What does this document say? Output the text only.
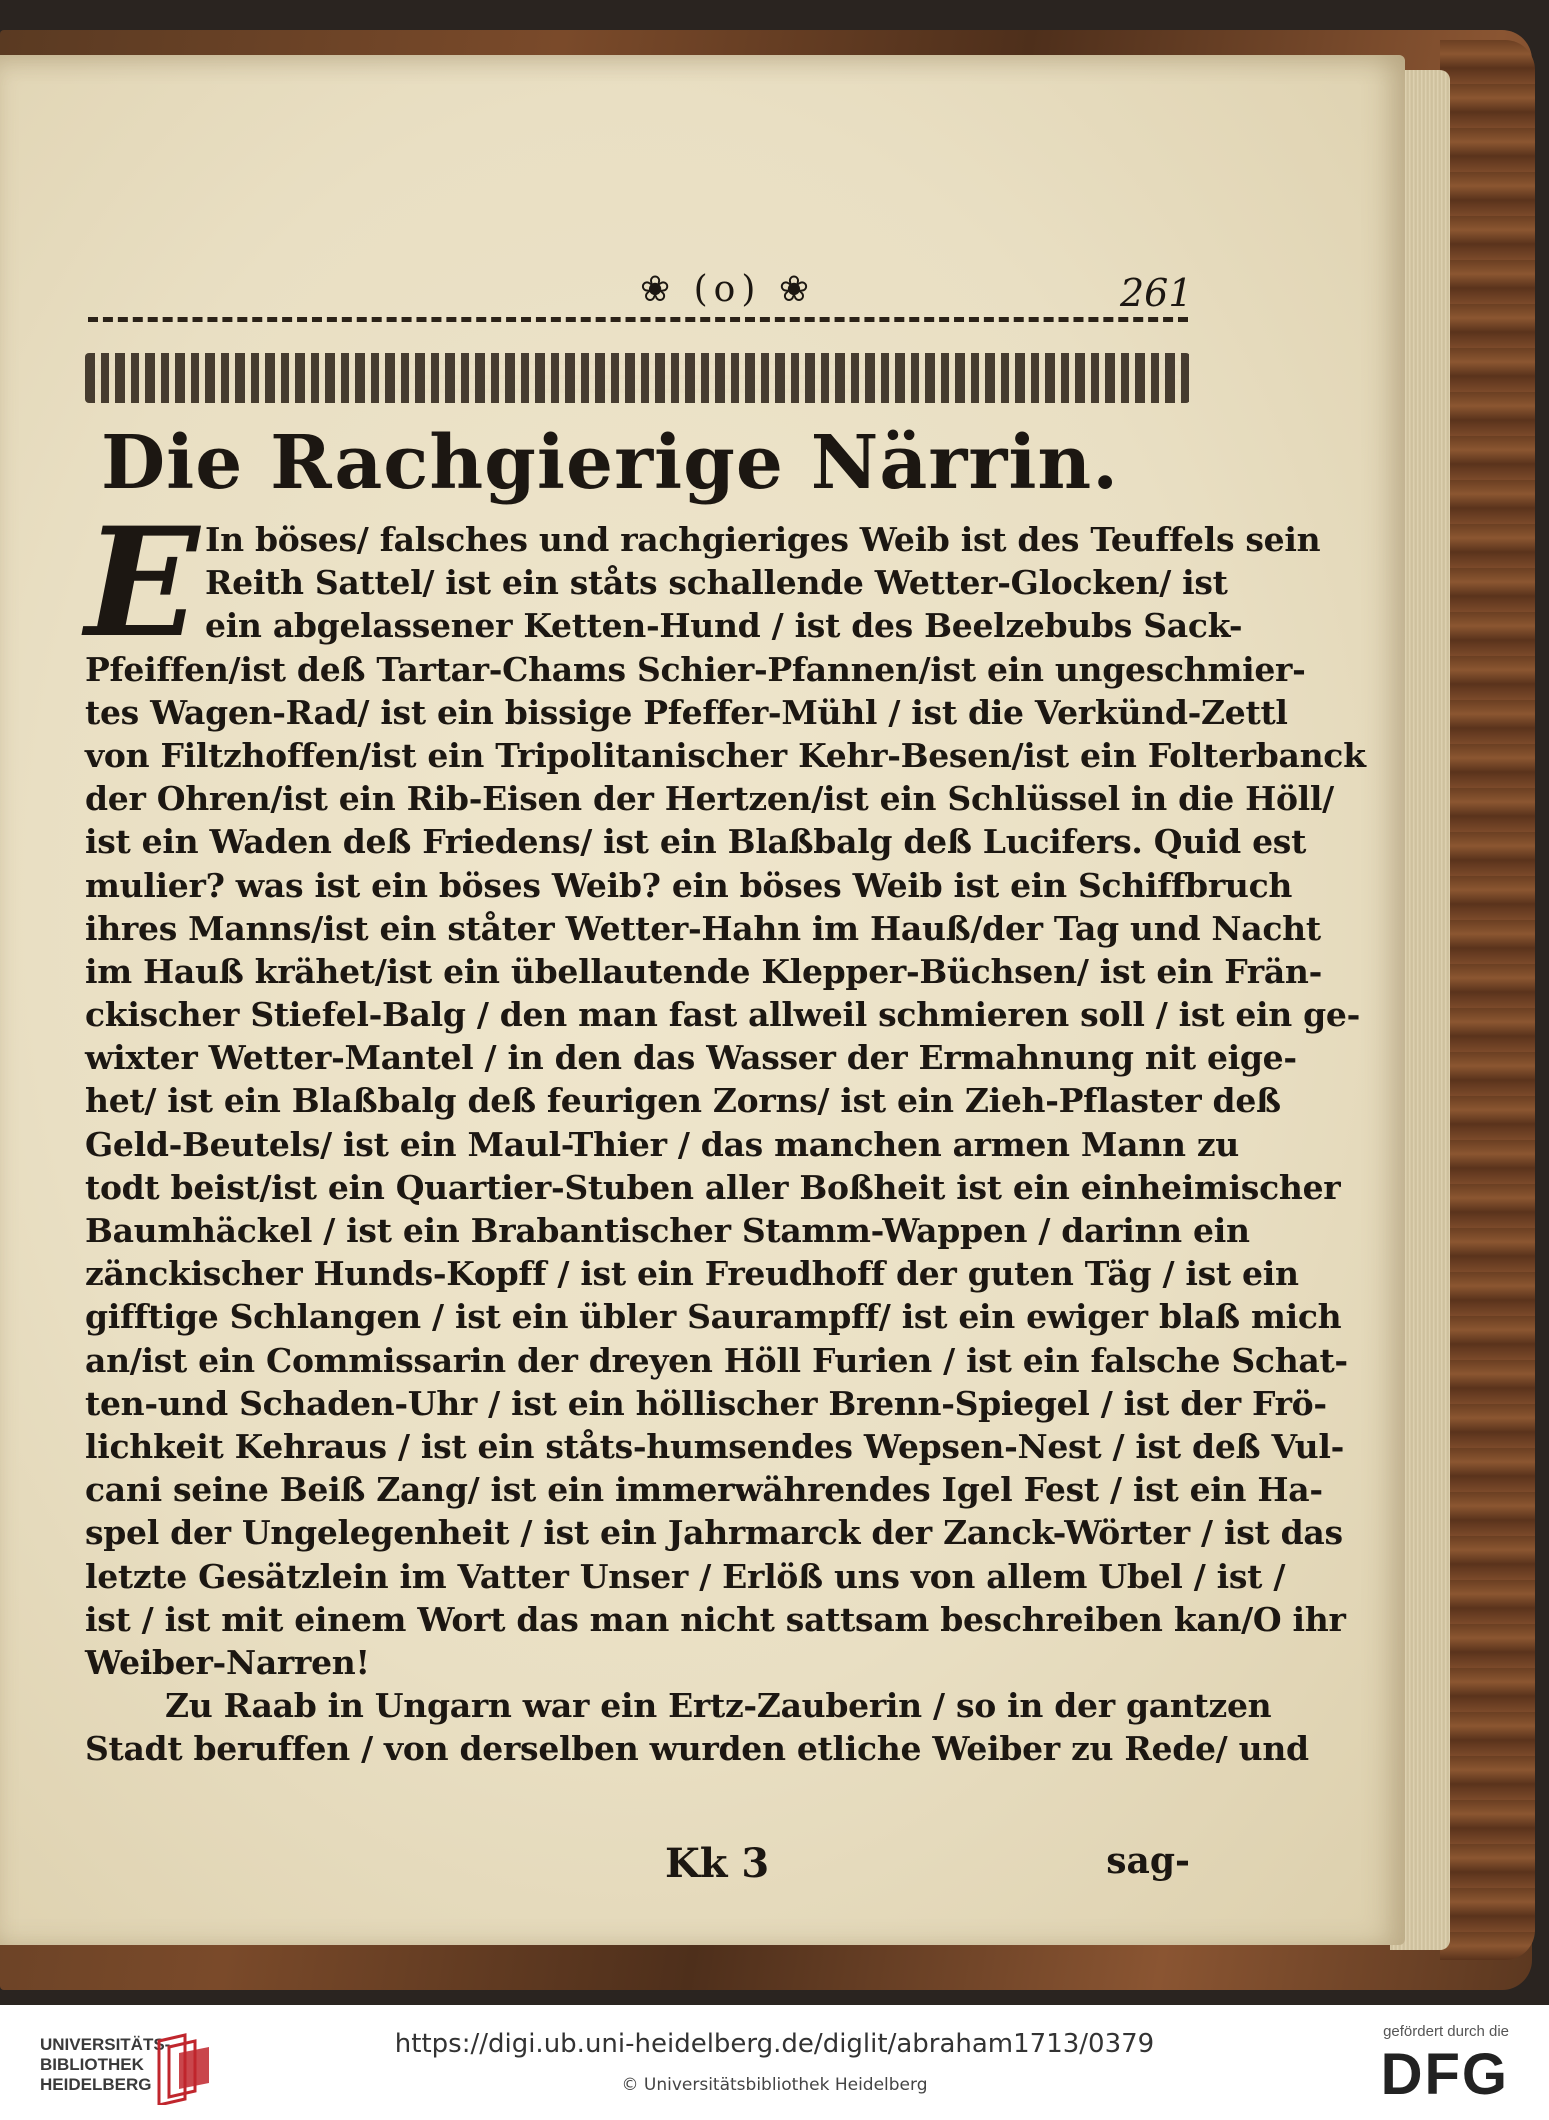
❀ (o) ❀	261
Die Rachgierige Närrin.
E In böses/ falsches und rachgieriges Weib ist des Teuffels sein
Reith Sattel/ ist ein ståts schallende Wetter-Glocken/ ist
ein abgelassener Ketten-Hund / ist des Beelzebubs Sack-
Pfeiffen/ist deß Tartar-Chams Schier-Pfannen/ist ein ungeschmier-
tes Wagen-Rad/ ist ein bissige Pfeffer-Mühl / ist die Verkünd-Zettl
von Filtzhoffen/ist ein Tripolitanischer Kehr-Besen/ist ein Folterbanck
der Ohren/ist ein Rib-Eisen der Hertzen/ist ein Schlüssel in die Höll/
ist ein Waden deß Friedens/ ist ein Blaßbalg deß Lucifers. Quid est
mulier? was ist ein böses Weib? ein böses Weib ist ein Schiffbruch
ihres Manns/ist ein ståter Wetter-Hahn im Hauß/der Tag und Nacht
im Hauß krähet/ist ein übellautende Klepper-Büchsen/ ist ein Frän-
ckischer Stiefel-Balg / den man fast allweil schmieren soll / ist ein ge-
wixter Wetter-Mantel / in den das Wasser der Ermahnung nit eige-
het/ ist ein Blaßbalg deß feurigen Zorns/ ist ein Zieh-Pflaster deß
Geld-Beutels/ ist ein Maul-Thier / das manchen armen Mann zu
todt beist/ist ein Quartier-Stuben aller Boßheit ist ein einheimischer
Baumhäckel / ist ein Brabantischer Stamm-Wappen / darinn ein
zänckischer Hunds-Kopff / ist ein Freudhoff der guten Täg / ist ein
gifftige Schlangen / ist ein übler Saurampff/ ist ein ewiger blaß mich
an/ist ein Commissarin der dreyen Höll Furien / ist ein falsche Schat-
ten-und Schaden-Uhr / ist ein höllischer Brenn-Spiegel / ist der Frö-
lichkeit Kehraus / ist ein ståts-humsendes Wepsen-Nest / ist deß Vul-
cani seine Beiß Zang/ ist ein immerwährendes Igel Fest / ist ein Ha-
spel der Ungelegenheit / ist ein Jahrmarck der Zanck-Wörter / ist das
letzte Gesätzlein im Vatter Unser / Erlöß uns von allem Ubel / ist /
ist / ist mit einem Wort das man nicht sattsam beschreiben kan/O ihr
Weiber-Narren!
Zu Raab in Ungarn war ein Ertz-Zauberin / so in der gantzen
Stadt beruffen / von derselben wurden etliche Weiber zu Rede/ und
Kk 3	sag-
UNIVERSITÄTS-
BIBLIOTHEK
HEIDELBERG
https://digi.ub.uni-heidelberg.de/diglit/abraham1713/0379
© Universitätsbibliothek Heidelberg
gefördert durch die
DFG
